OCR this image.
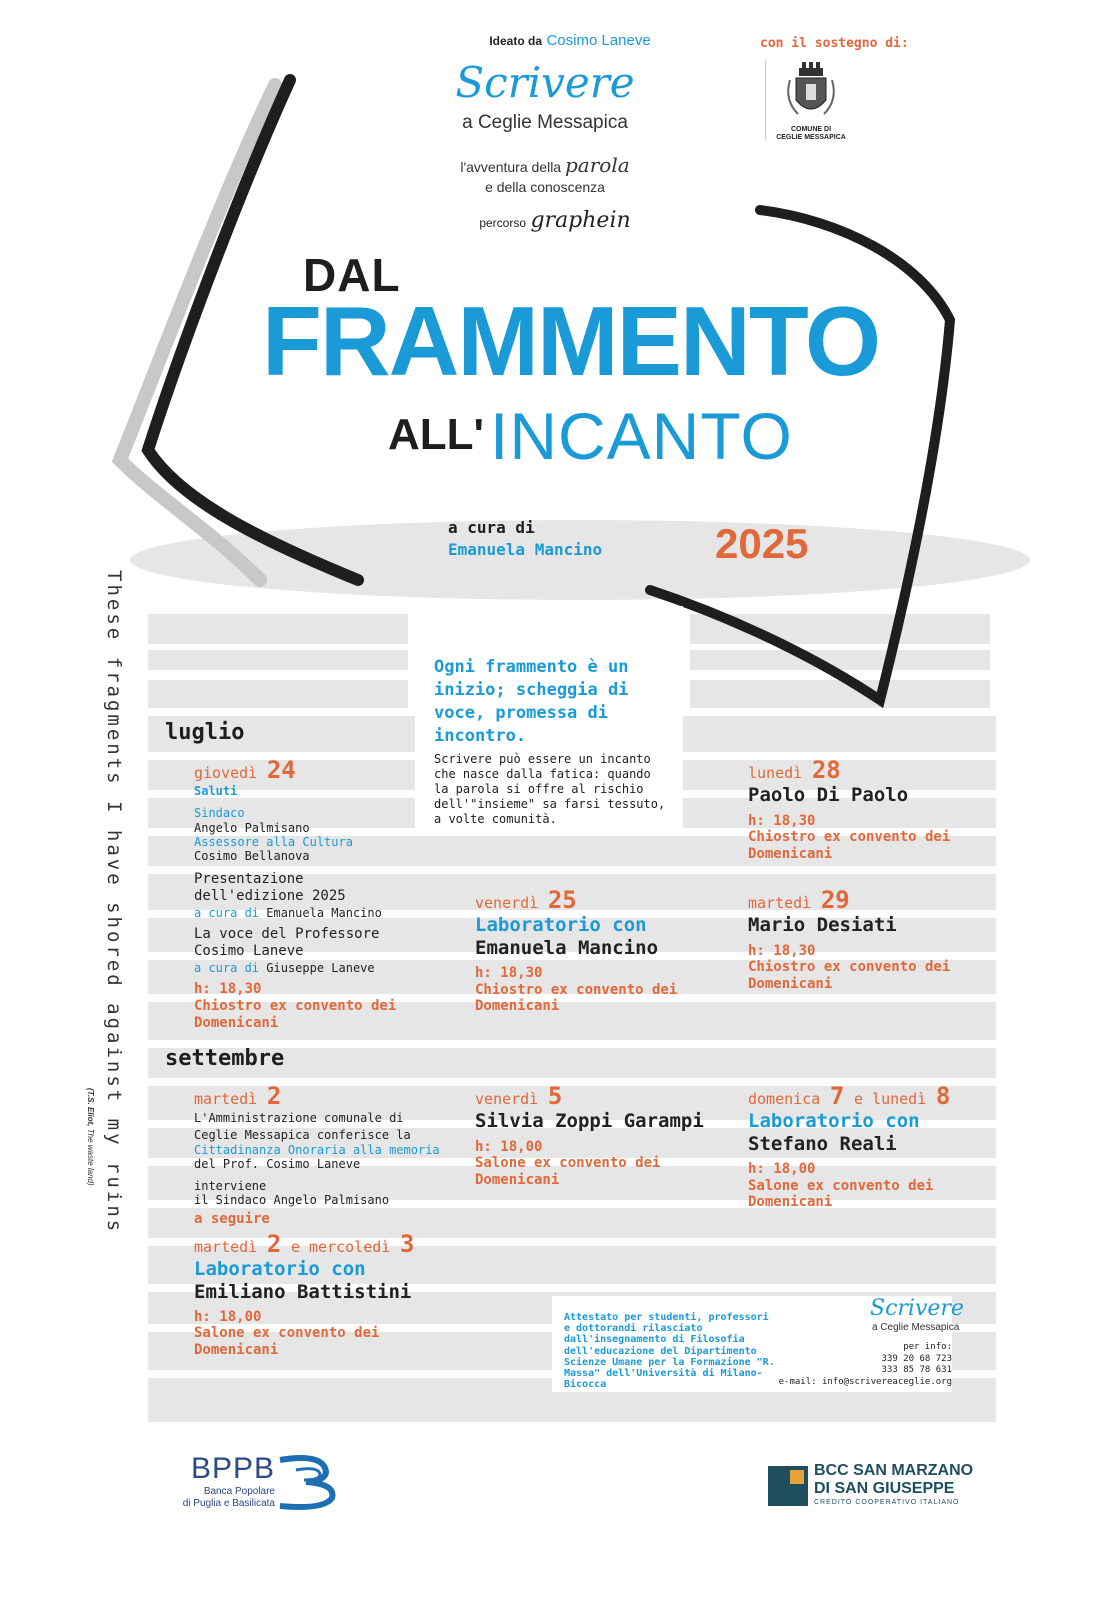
Ideato da Cosimo Laneve
Scrivere
a Ceglie Messapica
l'avventura della parola
e della conoscenza
percorso graphein
con il sostegno di:
COMUNE DI
CEGLIE MESSAPICA
DAL
FRAMMENTO
ALL' INCANTO
a cura di
Emanuela Mancino	2025
These fragments I have shored against my ruins
(T.S. Eliot, The waste land)
Ogni frammento è un inizio; scheggia di voce, promessa di incontro.
Scrivere può essere un incanto che nasce dalla fatica: quando la parola si offre al rischio dell'"insieme" sa farsi tessuto, a volte comunità.
luglio
settembre

giovedì 24

Saluti

Sindaco

Angelo Palmisano

Assessore alla Cultura

Cosimo Bellanova

Presentazione dell'edizione 2025

a cura di Emanuela Mancino

La voce del Professore Cosimo Laneve

a cura di Giuseppe Laneve

h: 18,30

Chiostro ex convento dei Domenicani

venerdì 25

Laboratorio con

Emanuela Mancino

h: 18,30

Chiostro ex convento dei Domenicani

lunedì 28

Paolo Di Paolo

h: 18,30

Chiostro ex convento dei Domenicani

martedì 29

Mario Desiati

h: 18,30

Chiostro ex convento dei Domenicani

martedì 2

L'Amministrazione comunale di Ceglie Messapica conferisce la

Cittadinanza Onoraria alla memoria

del Prof. Cosimo Laneve

interviene

il Sindaco Angelo Palmisano

a seguire

martedì 2 e mercoledì 3

Laboratorio con

Emiliano Battistini

h: 18,00

Salone ex convento dei Domenicani

venerdì 5

Silvia Zoppi Garampi

h: 18,00

Salone ex convento dei Domenicani

domenica 7 e lunedì 8

Laboratorio con

Stefano Reali

h: 18,00

Salone ex convento dei Domenicani

Attestato per studenti, professori e dottorandi rilasciato dall'insegnamento di Filosofia dell'educazione del Dipartimento Scienze Umane per la Formazione "R. Massa" dell'Università di Milano-Bicocca
Scrivere
a Ceglie Messapica
per info:
339 20 68 723
333 85 78 631
e-mail: info@scrivereaceglie.org
BPPB
Banca Popolare
di Puglia e Basilicata
BCC SAN MARZANO
DI SAN GIUSEPPE
CREDITO COOPERATIVO ITALIANO
